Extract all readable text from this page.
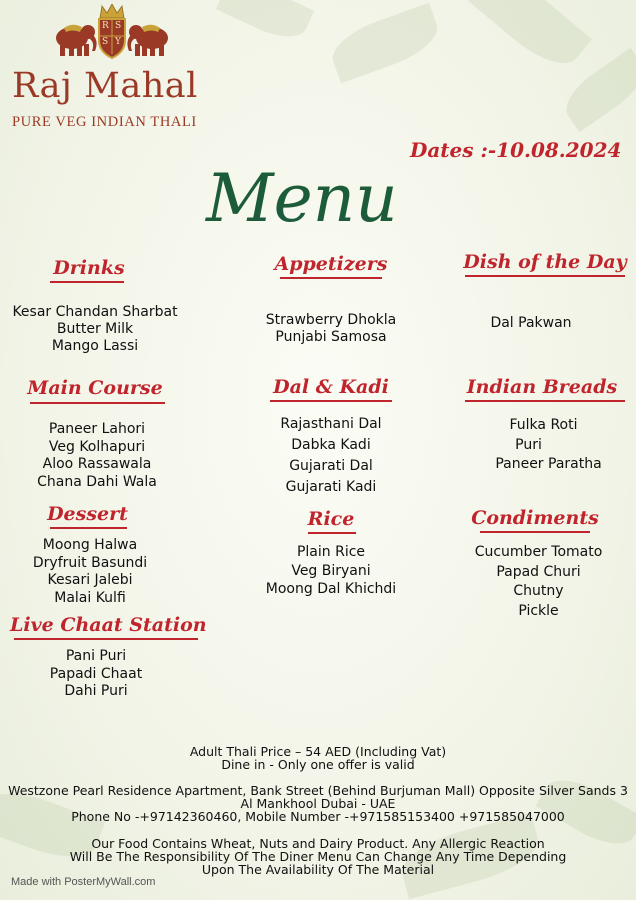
R S
S Y
Raj Mahal
PURE VEG INDIAN THALI
Dates :-10.08.2024
Menu
Drinks
Kesar Chandan Sharbat
Butter Milk
Mango Lassi
Appetizers
Strawberry Dhokla
Punjabi Samosa
Dish of the Day
Dal Pakwan
Main Course
Paneer Lahori
Veg Kolhapuri
Aloo Rassawala
Chana Dahi Wala
Dal & Kadi
Rajasthani Dal
Dabka Kadi
Gujarati Dal
Gujarati Kadi
Indian Breads
Fulka Roti
Puri
Paneer Paratha
Dessert
Moong Halwa
Dryfruit Basundi
Kesari Jalebi
Malai Kulfi
Rice
Plain Rice
Veg Biryani
Moong Dal Khichdi
Condiments
Cucumber Tomato
Papad Churi
Chutny
Pickle
Live Chaat Station
Pani Puri
Papadi Chaat
Dahi Puri
Adult Thali Price – 54 AED (Including Vat)
Dine in - Only one offer is valid
Westzone Pearl Residence Apartment, Bank Street (Behind Burjuman Mall) Opposite Silver Sands 3
Al Mankhool Dubai - UAE
Phone No -+97142360460, Mobile Number -+971585153400 +971585047000
Our Food Contains Wheat, Nuts and Dairy Product. Any Allergic Reaction
Will Be The Responsibility Of The Diner Menu Can Change Any Time Depending
Upon The Availability Of The Material
Made with PosterMyWall.com
